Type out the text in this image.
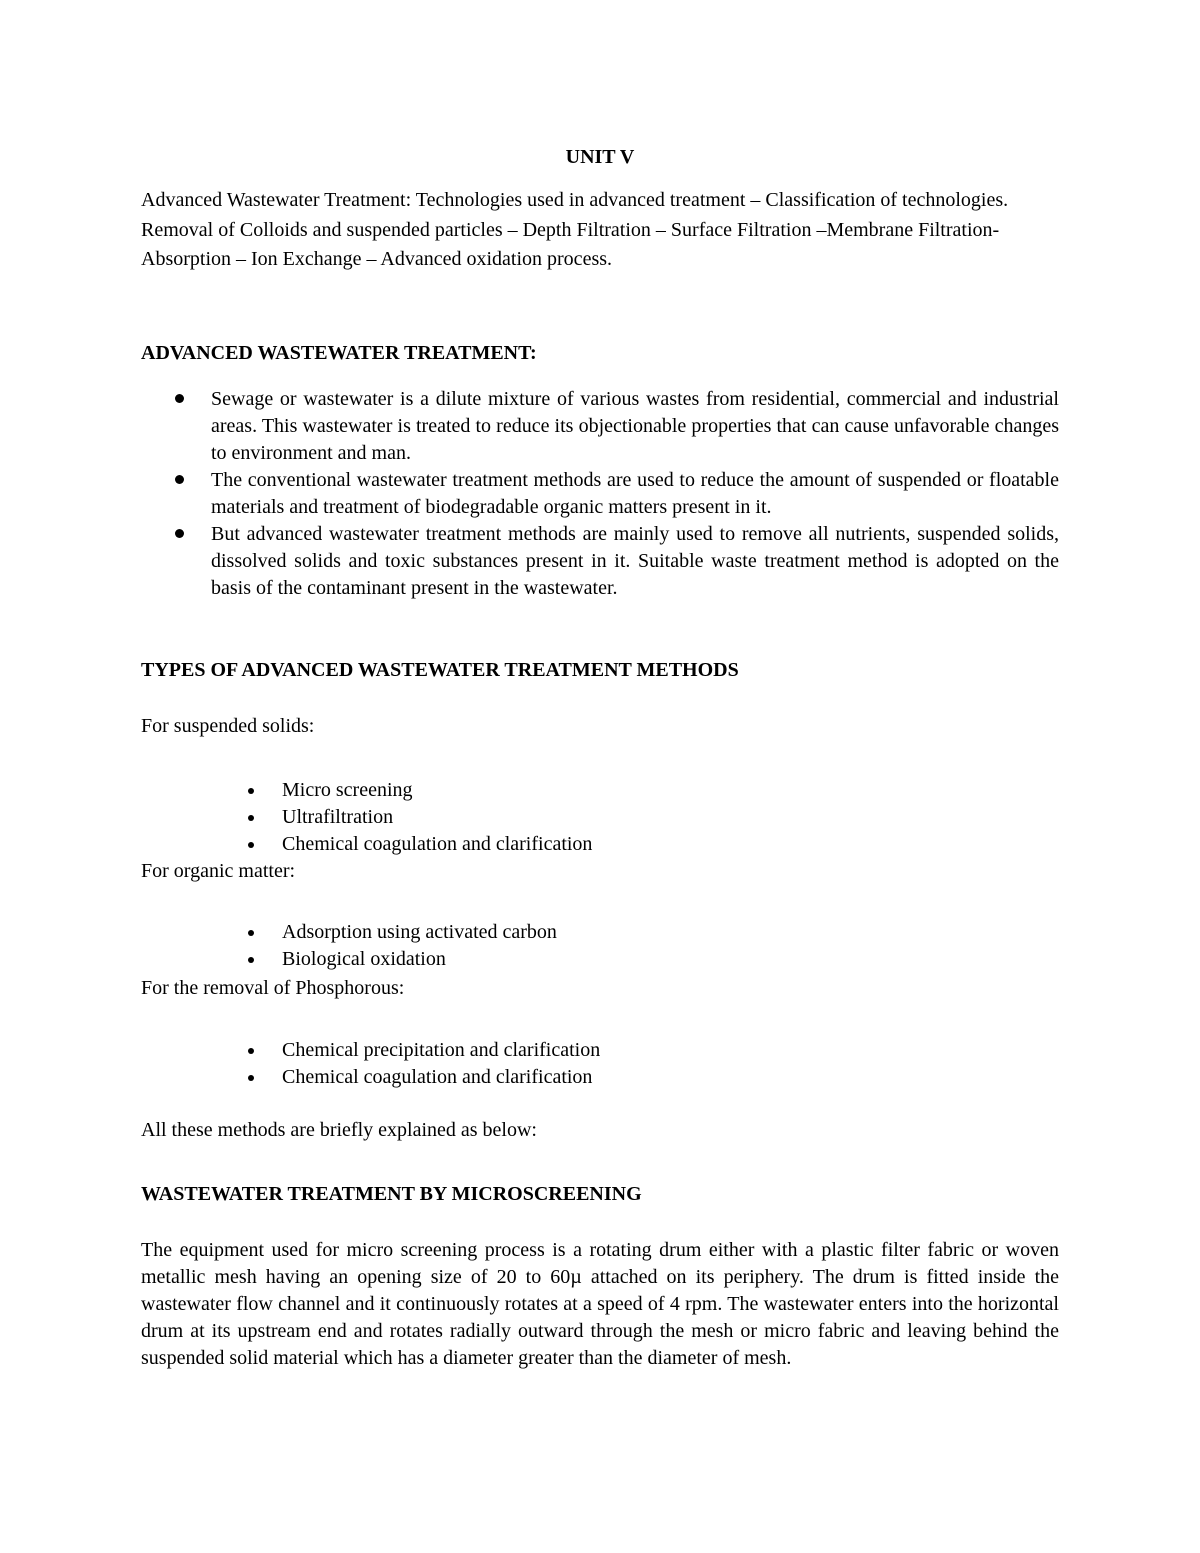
UNIT V
Advanced Wastewater Treatment: Technologies used in advanced treatment – Classification of technologies. Removal of Colloids and suspended particles – Depth Filtration – Surface Filtration –Membrane Filtration- Absorption – Ion Exchange – Advanced oxidation process.
ADVANCED WASTEWATER TREATMENT:
Sewage or wastewater is a dilute mixture of various wastes from residential, commercial and industrial areas. This wastewater is treated to reduce its objectionable properties that can cause unfavorable changes to environment and man.
The conventional wastewater treatment methods are used to reduce the amount of suspended or floatable materials and treatment of biodegradable organic matters present in it.
But advanced wastewater treatment methods are mainly used to remove all nutrients, suspended solids, dissolved solids and toxic substances present in it. Suitable waste treatment method is adopted on the basis of the contaminant present in the wastewater.
TYPES OF ADVANCED WASTEWATER TREATMENT METHODS
For suspended solids:
Micro screening
Ultrafiltration
Chemical coagulation and clarification
For organic matter:
Adsorption using activated carbon
Biological oxidation
For the removal of Phosphorous:
Chemical precipitation and clarification
Chemical coagulation and clarification
All these methods are briefly explained as below:
WASTEWATER TREATMENT BY MICROSCREENING
The equipment used for micro screening process is a rotating drum either with a plastic filter fabric or woven metallic mesh having an opening size of 20 to 60µ attached on its periphery. The drum is fitted inside the wastewater flow channel and it continuously rotates at a speed of 4 rpm. The wastewater enters into the horizontal drum at its upstream end and rotates radially outward through the mesh or micro fabric and leaving behind the suspended solid material which has a diameter greater than the diameter of mesh.
